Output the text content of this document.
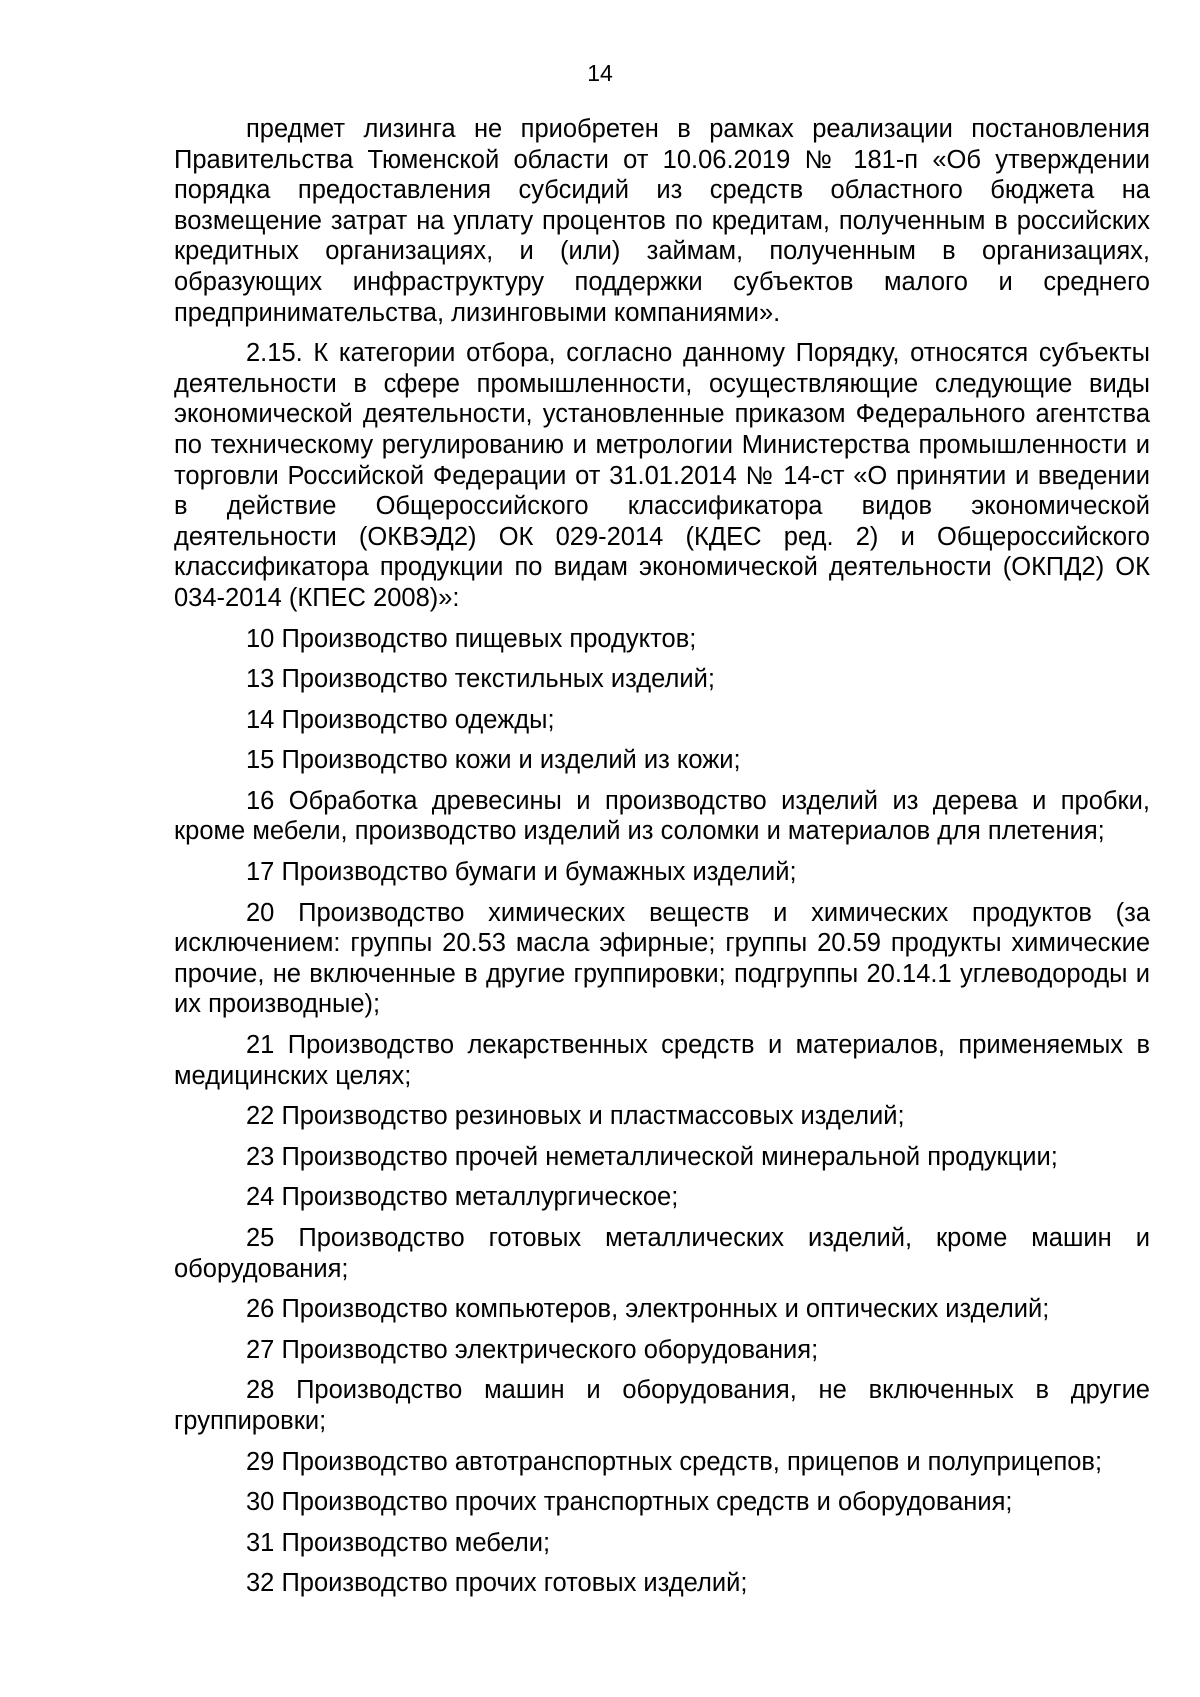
14

предмет лизинга не приобретен в рамках реализации постановления Правительства Тюменской области от 10.06.2019 № 181-п «Об утверждении порядка предоставления субсидий из средств областного бюджета на возмещение затрат на уплату процентов по кредитам, полученным в российских кредитных организациях, и (или) займам, полученным в организациях, образующих инфраструктуру поддержки субъектов малого и среднего предпринимательства, лизинговыми компаниями».

2.15. К категории отбора, согласно данному Порядку, относятся субъекты деятельности в сфере промышленности, осуществляющие следующие виды экономической деятельности, установленные приказом Федерального агентства по техническому регулированию и метрологии Министерства промышленности и торговли Российской Федерации от 31.01.2014 № 14-ст «О принятии и введении в действие Общероссийского классификатора видов экономической деятельности (ОКВЭД2) ОК 029-2014 (КДЕС ред. 2) и Общероссийского классификатора продукции по видам экономической деятельности (ОКПД2) ОК 034-2014 (КПЕС 2008)»:

10 Производство пищевых продуктов;

13 Производство текстильных изделий;

14 Производство одежды;

15 Производство кожи и изделий из кожи;

16 Обработка древесины и производство изделий из дерева и пробки, кроме мебели, производство изделий из соломки и материалов для плетения;

17 Производство бумаги и бумажных изделий;

20 Производство химических веществ и химических продуктов (за исключением: группы 20.53 масла эфирные; группы 20.59 продукты химические прочие, не включенные в другие группировки; подгруппы 20.14.1 углеводороды и их производные);

21 Производство лекарственных средств и материалов, применяемых в медицинских целях;

22 Производство резиновых и пластмассовых изделий;

23 Производство прочей неметаллической минеральной продукции;

24 Производство металлургическое;

25 Производство готовых металлических изделий, кроме машин и оборудования;

26 Производство компьютеров, электронных и оптических изделий;

27 Производство электрического оборудования;

28 Производство машин и оборудования, не включенных в другие группировки;

29 Производство автотранспортных средств, прицепов и полуприцепов;

30 Производство прочих транспортных средств и оборудования;

31 Производство мебели;

32 Производство прочих готовых изделий;
